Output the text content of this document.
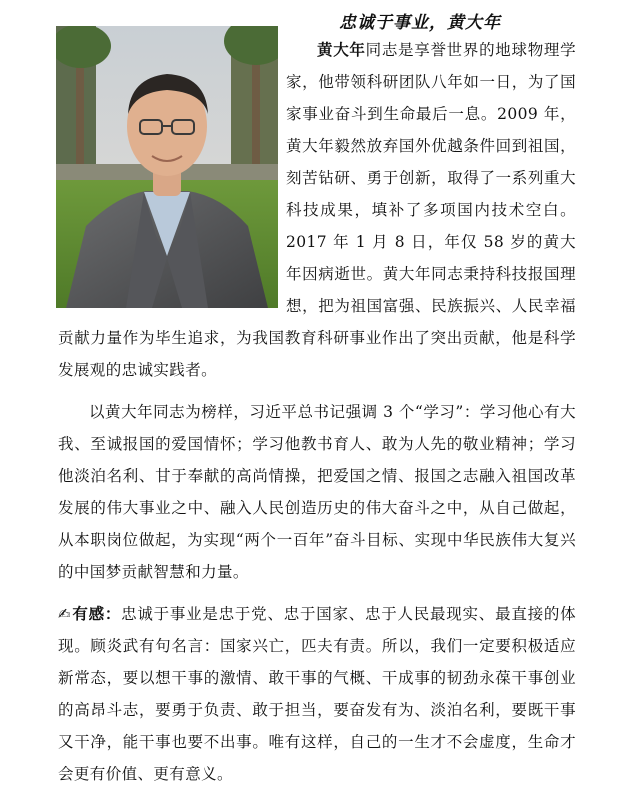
忠诚于事业，黄大年

黄大年同志是享誉世界的地球物理学家，他带领科研团队八年如一日，为了国家事业奋斗到生命最后一息。2009 年，黄大年毅然放弃国外优越条件回到祖国，刻苦钻研、勇于创新，取得了一系列重大科技成果，填补了多项国内技术空白。2017 年 1 月 8 日，年仅 58 岁的黄大年因病逝世。黄大年同志秉持科技报国理想，把为祖国富强、民族振兴、人民幸福贡献力量作为毕生追求，为我国教育科研事业作出了突出贡献，他是科学发展观的忠诚实践者。

以黄大年同志为榜样，习近平总书记强调 3 个“学习”：学习他心有大我、至诚报国的爱国情怀；学习他教书育人、敢为人先的敬业精神；学习他淡泊名利、甘于奉献的高尚情操，把爱国之情、报国之志融入祖国改革发展的伟大事业之中、融入人民创造历史的伟大奋斗之中，从自己做起，从本职岗位做起，为实现“两个一百年”奋斗目标、实现中华民族伟大复兴的中国梦贡献智慧和力量。

✍有感：忠诚于事业是忠于党、忠于国家、忠于人民最现实、最直接的体现。顾炎武有句名言：国家兴亡，匹夫有责。所以，我们一定要积极适应新常态，要以想干事的激情、敢干事的气概、干成事的韧劲永葆干事创业的高昂斗志，要勇于负责、敢于担当，要奋发有为、淡泊名利，要既干事又干净，能干事也要不出事。唯有这样，自己的一生才不会虚度，生命才会更有价值、更有意义。
